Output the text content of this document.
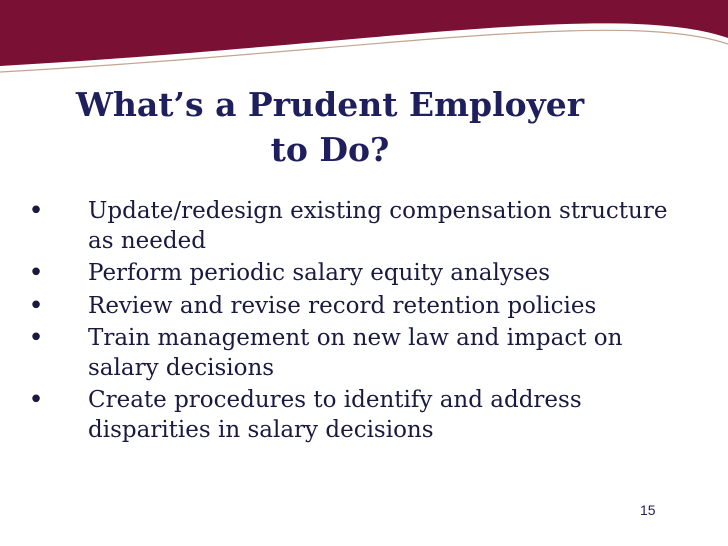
What’s a Prudent Employer
to Do?
• Update/redesign existing compensation structure as needed
• Perform periodic salary equity analyses
• Review and revise record retention policies
• Train management on new law and impact on salary decisions
• Create procedures to identify and address disparities in salary decisions
15
